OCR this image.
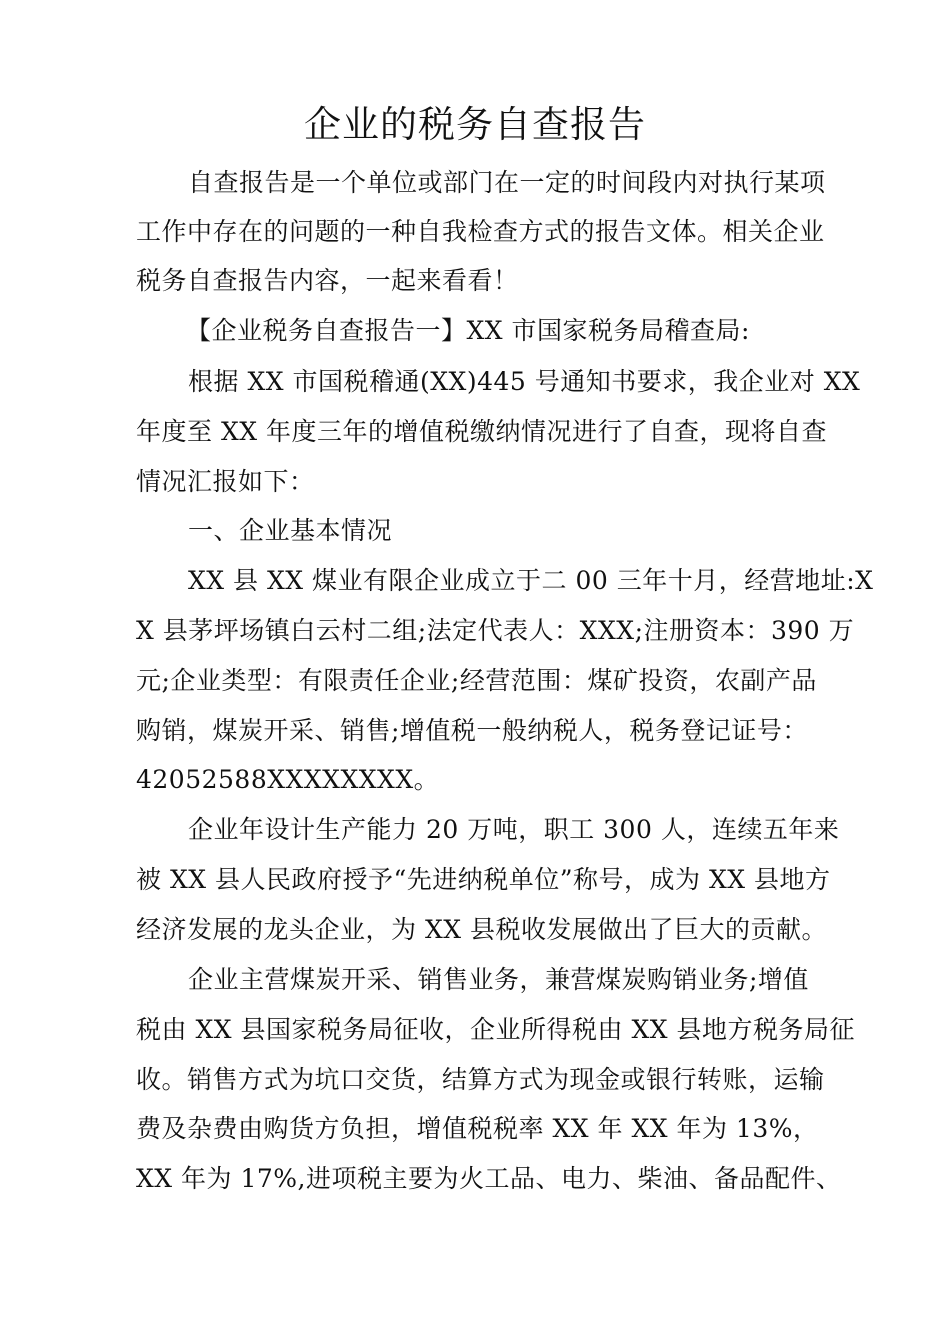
企业的税务自查报告
自查报告是一个单位或部门在一定的时间段内对执行某项
工作中存在的问题的一种自我检查方式的报告文体。相关企业
税务自查报告内容，一起来看看！
【企业税务自查报告一】XX 市国家税务局稽查局:
根据 XX 市国税稽通(XX)445 号通知书要求，我企业对 XX
年度至 XX 年度三年的增值税缴纳情况进行了自查，现将自查
情况汇报如下：
一、企业基本情况
XX 县 XX 煤业有限企业成立于二 00 三年十月，经营地址:X
X 县茅坪场镇白云村二组;法定代表人：XXX;注册资本：390 万
元;企业类型：有限责任企业;经营范围：煤矿投资，农副产品
购销，煤炭开采、销售;增值税一般纳税人，税务登记证号：
42052588XXXXXXXX。
企业年设计生产能力 20 万吨，职工 300 人，连续五年来
被 XX 县人民政府授予“先进纳税单位”称号，成为 XX 县地方
经济发展的龙头企业，为 XX 县税收发展做出了巨大的贡献。
企业主营煤炭开采、销售业务，兼营煤炭购销业务;增值
税由 XX 县国家税务局征收，企业所得税由 XX 县地方税务局征
收。销售方式为坑口交货，结算方式为现金或银行转账，运输
费及杂费由购货方负担，增值税税率 XX 年 XX 年为 13%，
XX 年为 17%,进项税主要为火工品、电力、柴油、备品配件、
